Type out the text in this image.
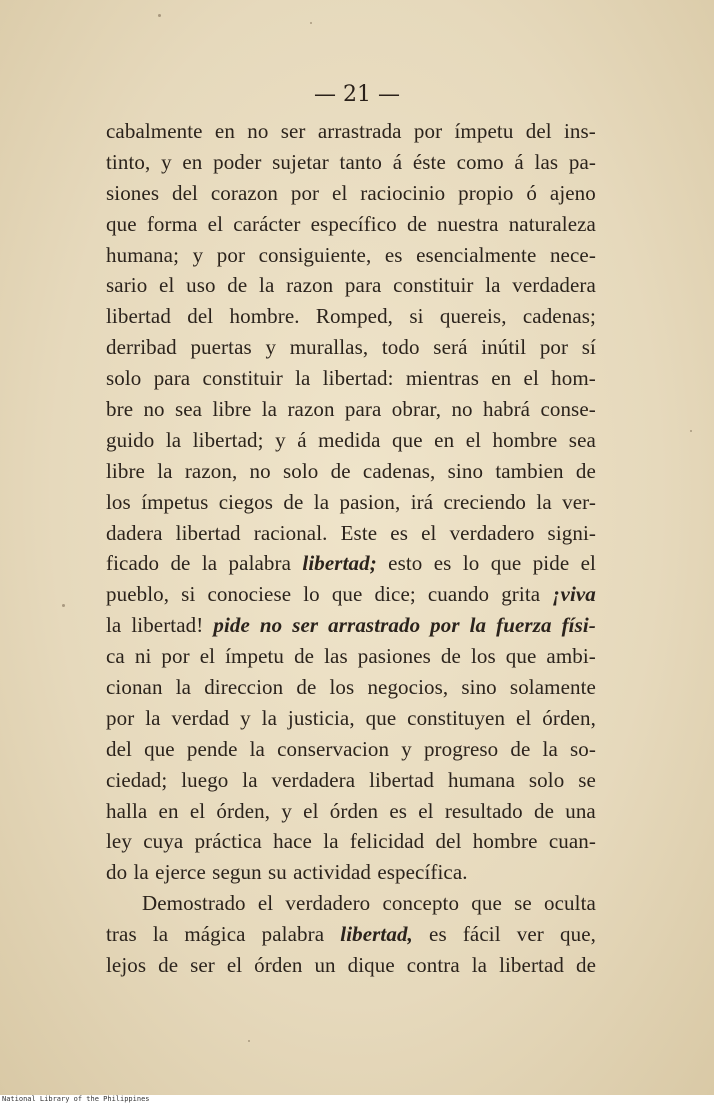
— 21 —
cabalmente en no ser arrastrada por ímpetu del ins-
tinto, y en poder sujetar tanto á éste como á las pa-
siones del corazon por el raciocinio propio ó ajeno
que forma el carácter específico de nuestra naturaleza
humana; y por consiguiente, es esencialmente nece-
sario el uso de la razon para constituir la verdadera
libertad del hombre. Romped, si quereis, cadenas;
derribad puertas y murallas, todo será inútil por sí
solo para constituir la libertad: mientras en el hom-
bre no sea libre la razon para obrar, no habrá conse-
guido la libertad; y á medida que en el hombre sea
libre la razon, no solo de cadenas, sino tambien de
los ímpetus ciegos de la pasion, irá creciendo la ver-
dadera libertad racional. Este es el verdadero signi-
ficado de la palabra libertad; esto es lo que pide el
pueblo, si conociese lo que dice; cuando grita ¡viva
la libertad! pide no ser arrastrado por la fuerza físi-
ca ni por el ímpetu de las pasiones de los que ambi-
cionan la direccion de los negocios, sino solamente
por la verdad y la justicia, que constituyen el órden,
del que pende la conservacion y progreso de la so-
ciedad; luego la verdadera libertad humana solo se
halla en el órden, y el órden es el resultado de una
ley cuya práctica hace la felicidad del hombre cuan-
do la ejerce segun su actividad específica.
Demostrado el verdadero concepto que se oculta
tras la mágica palabra libertad, es fácil ver que,
lejos de ser el órden un dique contra la libertad de
National Library of the Philippines
